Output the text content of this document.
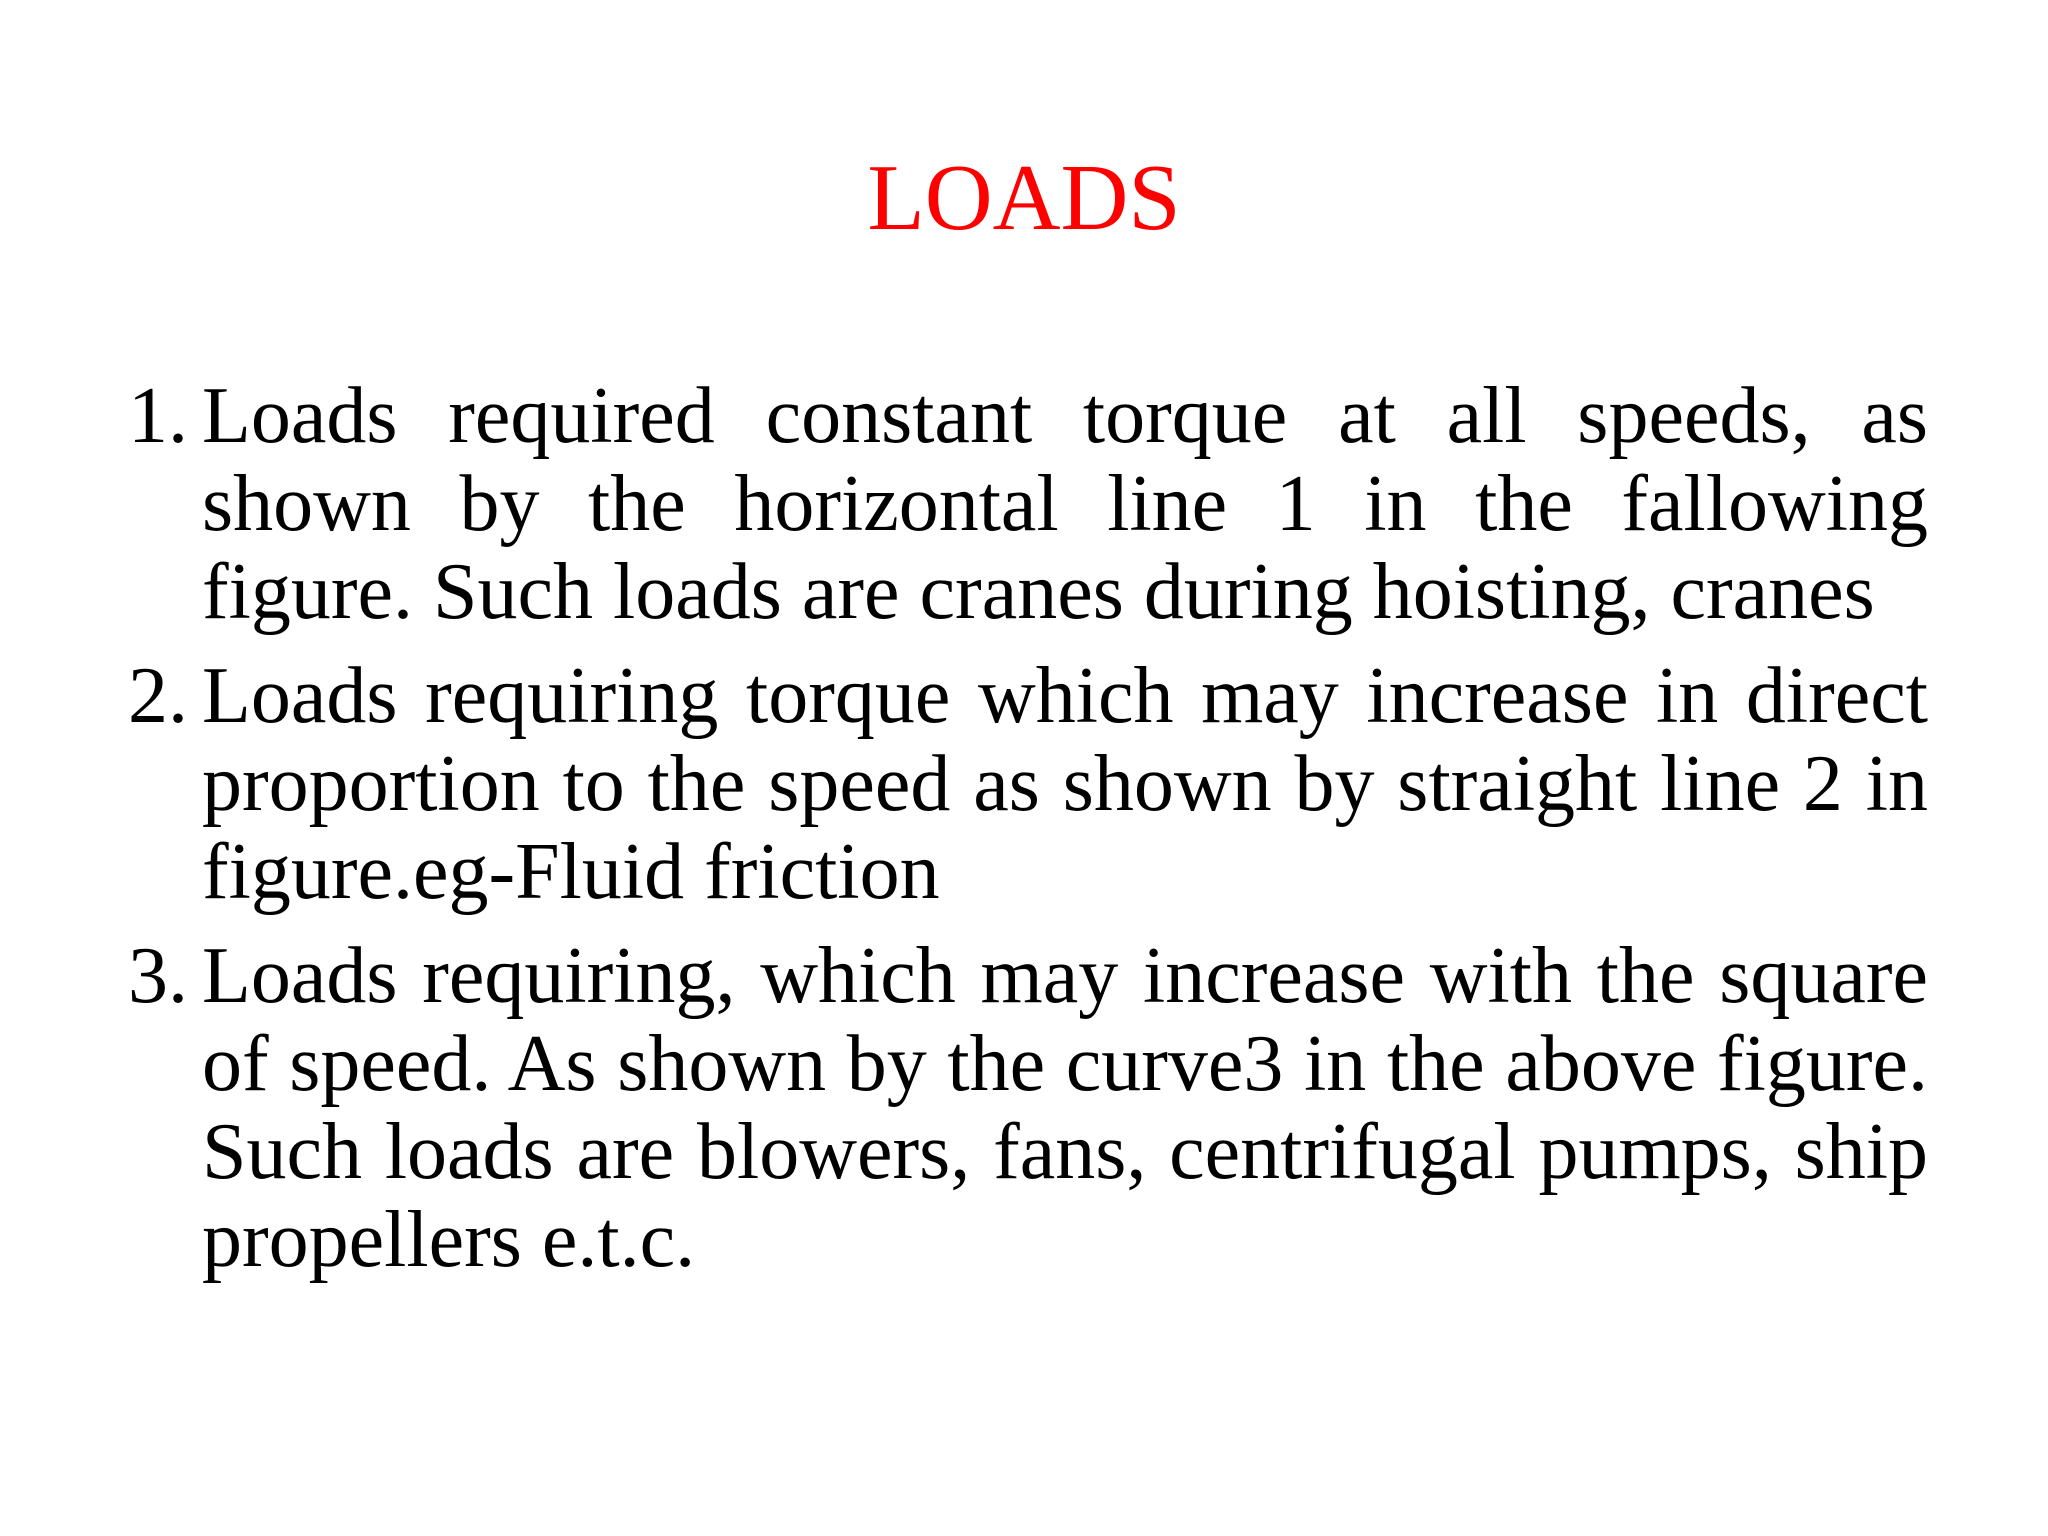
LOADS
1. Loads required constant torque at all speeds, as shown by the horizontal line 1 in the fallowing figure. Such loads are cranes during hoisting, cranes
2. Loads requiring torque which may increase in direct proportion to the speed as shown by straight line 2 in figure.eg-Fluid friction
3. Loads requiring, which may increase with the square of speed. As shown by the curve3 in the above figure. Such loads are blowers, fans, centrifugal pumps, ship propellers e.t.c.
